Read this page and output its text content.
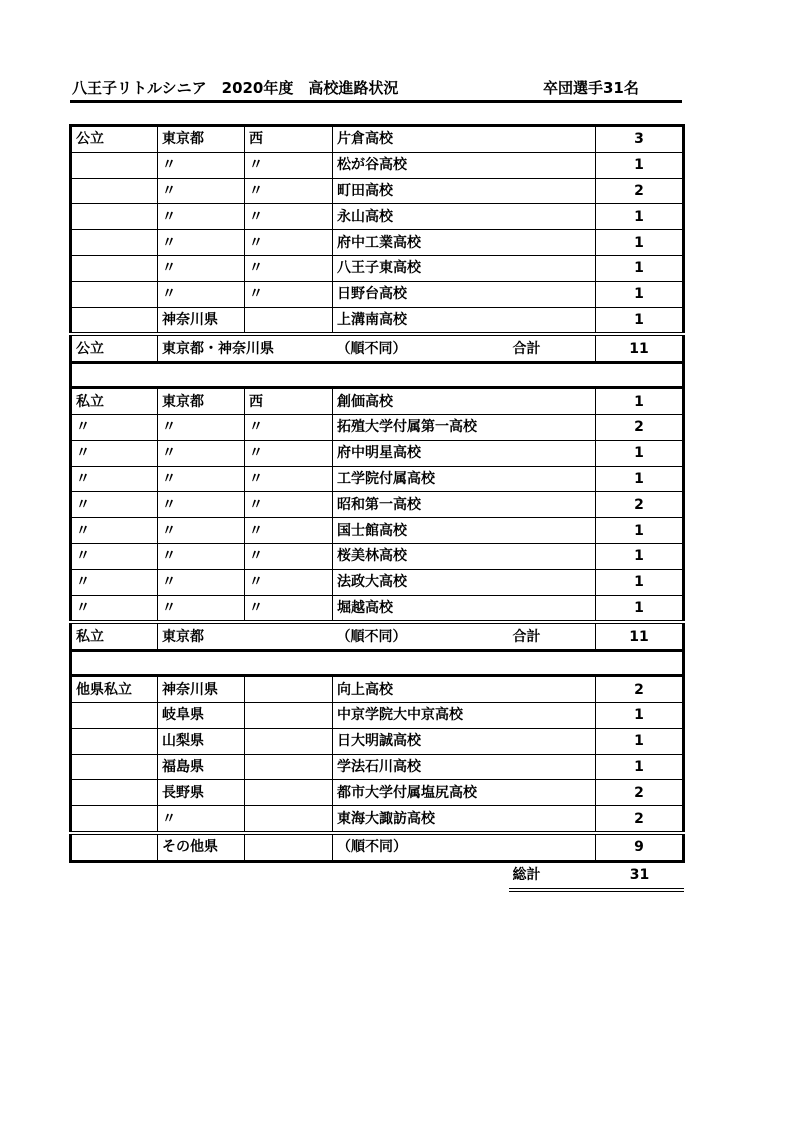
八王子リトルシニア　2020年度　高校進路状況	卒団選手31名
公立	東京都	西	片倉高校		3
	〃	〃	松が谷高校		1
	〃	〃	町田高校		2
	〃	〃	永山高校		1
	〃	〃	府中工業高校		1
	〃	〃	八王子東高校		1
	〃	〃	日野台高校		1
	神奈川県		上溝南高校		1
公立	東京都・神奈川県		（順不同）	合計	11

私立	東京都	西	創価高校		1
〃	〃	〃	拓殖大学付属第一高校		2
〃	〃	〃	府中明星高校		1
〃	〃	〃	工学院付属高校		1
〃	〃	〃	昭和第一高校		2
〃	〃	〃	国士館高校		1
〃	〃	〃	桜美林高校		1
〃	〃	〃	法政大高校		1
〃	〃	〃	堀越高校		1
私立	東京都		（順不同）	合計	11

他県私立	神奈川県		向上高校		2
	岐阜県		中京学院大中京高校		1
	山梨県		日大明誠高校		1
	福島県		学法石川高校		1
	長野県		都市大学付属塩尻高校		2
	〃		東海大諏訪高校		2
	その他県		（順不同）		9
				総計	31
